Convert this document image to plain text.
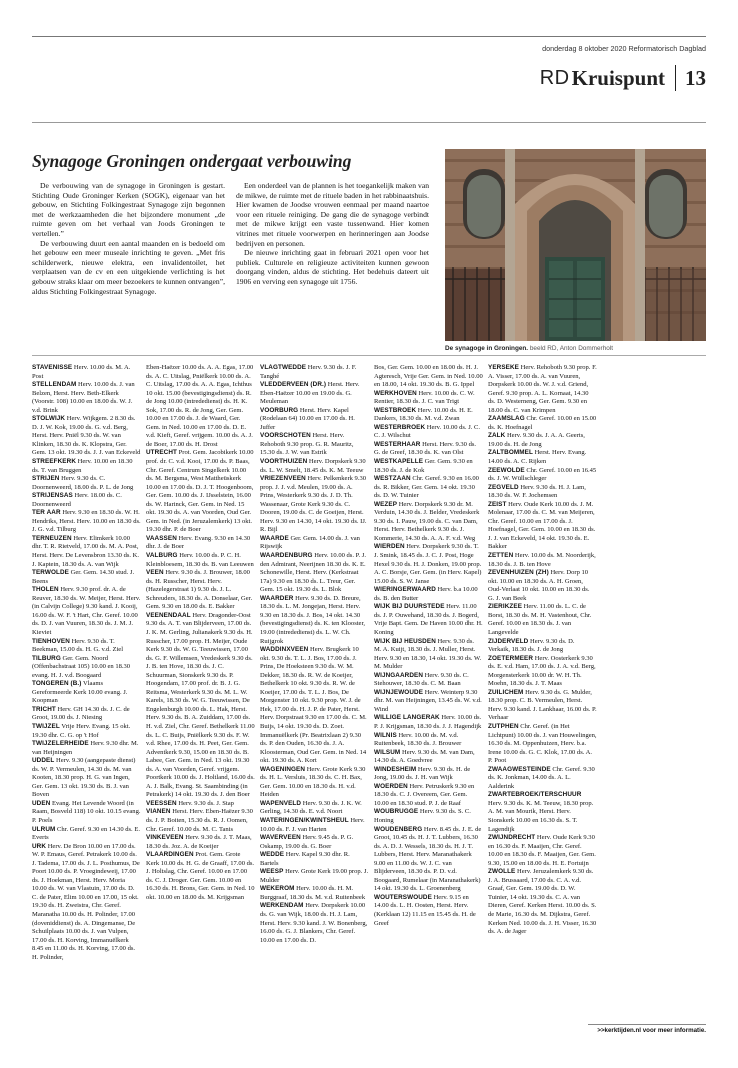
donderdag 8 oktober 2020 Reformatorisch Dagblad
RD Kruispunt 13
Synagoge Groningen ondergaat verbouwing

De verbouwing van de synagoge in Groningen is gestart. Stichting Oude Groninger Kerken (SOGK), eigenaar van het gebouw, en Stichting Folkingestraat Synagoge zijn begonnen met de werkzaamheden die het bijzondere monument „de ruimte geven om het verhaal van Joods Groningen te vertellen.”

De verbouwing duurt een aantal maanden en is bedoeld om het gebouw een meer museale inrichting te geven. „Met fris schilderwerk, nieuwe elektra, een invalidentoilet, het verplaatsen van de cv en een uitgekiende verlichting is het gebouw straks klaar om meer bezoekers te kunnen ontvangen”, aldus Stichting Folkingestraat Synagoge.

Een onderdeel van de plannen is het toegankelijk maken van de mikwe, de ruimte met de rituele baden in het rabbinaatshuis. Hier kwamen de Joodse vrouwen eenmaal per maand naartoe voor een rituele reiniging. De gang die de synagoge verbindt met de mikwe krijgt een vaste tussenwand. Hier komen vitrines met rituele voorwerpen en herinneringen aan Joodse bedrijven en personen.

De nieuwe inrichting gaat in februari 2021 open voor het publiek. Culturele en religieuze activiteiten kunnen gewoon doorgang vinden, aldus de stichting. Het bedehuis dateert uit 1906 en verving een synagoge uit 1756.

De synagoge in Groningen. beeld RD, Anton Dommerholt

STAVENISSE Herv. 10.00 ds. M. A. Post

STELLENDAM Herv. 10.00 ds. J. van Belzen, Herst. Herv. Beth-Elkerk (Voorstr. 108) 10.00 en 18.00 ds. W. J. v.d. Brink

STOLWIJK Herv. Wijkgem. 2 8.30 ds. D. J. W. Kok, 19.00 ds. G. v.d. Berg, Herst. Herv. Pniël 9.30 ds. W. van Klinken, 18.30 ds. K. Klopstra, Ger. Gem. 13 okt. 19.30 ds. J. J. van Eckeveld

STREEFKERK Herv. 10.00 en 18.30 ds. T. van Bruggen

STRIJEN Herv. 9.30 ds. C. Doornenweerd, 18.00 ds. P. L. de Jong

STRIJENSAS Herv. 18.00 ds. C. Doornenweerd

TER AAR Herv. 9.30 en 18.30 ds. W. H. Hendriks, Herst. Herv. 10.00 en 18.30 ds. J. G. v.d. Tilburg

TERNEUZEN Herv. Elimkerk 10.00 dhr. T. R. Rietveld, 17.00 ds. M. A. Post, Herst. Herv. De Levensbron 13.30 ds. K. J. Kaptein, 18.30 ds. A. van Wijk

TERWOLDE Ger. Gem. 14.30 stud. J. Beens

THOLEN Herv. 9.30 prof. dr. A. de Reuver, 18.30 ds. W. Meijer, Herst. Herv. (in Calvijn College) 9.30 kand. J. Kooij, 16.00 ds. W. F. 't Hart, Chr. Geref. 10.00 ds. D. J. van Vuuren, 18.30 ds. J. M. J. Kieviet

TIENHOVEN Herv. 9.30 ds. T. Beekman, 15.00 ds. H. G. v.d. Ziel

TILBURG Ger. Gem. Noord (Offenbachstraat 105) 10.00 en 18.30 evang. H. J. v.d. Boogaard

TONGEREN (B.) Vlaams Gereformeerde Kerk 10.00 evang. J. Koopman

TRICHT Herv. GH 14.30 ds. J. C. de Groot, 19.00 ds. J. Niesing

TWIJZEL Vrije Herv. Evang. 15 okt. 19.30 dhr. C. G. op 't Hof

TWIJZELERHEIDE Herv. 9.30 dhr. M. van Heijningen

UDDEL Herv. 9.30 (aangepaste dienst) ds. W. P. Vermeulen, 14.30 ds. M. van Kooten, 18.30 prop. H. G. van Ingen, Ger. Gem. 13 okt. 19.30 ds. B. J. van Boven

UDEN Evang. Het Levende Woord (in Raam, Bosveld 118) 10 okt. 10.15 evang. P. Poels

ULRUM Chr. Geref. 9.30 en 14.30 ds. E. Everts

URK Herv. De Bron 10.00 en 17.00 ds. W. P. Emaus, Geref. Petrakerk 10.00 ds. J. Tadema, 17.00 ds. J. L. Posthumus, De Poort 10.00 ds. P. Vroegindeweij, 17.00 ds. J. Hoekman, Herst. Herv. Moria 10.00 ds. W. van Vlastuin, 17.00 ds. D. C. de Pater, Elim 10.00 en 17.00, 15 okt. 19.30 ds. H. Zweistra, Chr. Geref. Maranatha 10.00 ds. H. Polinder, 17.00 (doveniddienst) ds. A. Dingemanse, De Schuilplaats 10.00 ds. J. van Vulpen, 17.00 ds. H. Korving, Immanuëlkerk 8.45 en 11.00 ds. H. Korving, 17.00 ds. H. Polinder,

Eben-Haëzer 10.00 ds. A. A. Egas, 17.00 ds. A. C. Uitslag, Pniëlkerk 10.00 ds. A. C. Uitslag, 17.00 ds. A. A. Egas, Ichthus 10 okt. 15.00 (bevestigingsdienst) ds. R. de Jong 10.00 (intrededienst) ds. H. K. Sok, 17.00 ds. R. de Jong, Ger. Gem. 10.00 en 17.00 ds. J. de Waard, Ger. Gem. in Ned. 10.00 en 17.00 ds. D. E. v.d. Kieft, Geref. vrijgem. 10.00 ds. A. J. de Boer, 17.00 ds. H. Drost

UTRECHT Prot. Gem. Jacobikerk 10.00 prof. dr. C. v.d. Kooi, 17.00 ds. P. Baas, Chr. Geref. Centrum Singelkerk 10.00 ds. M. Bergsma, West Mattheüskerk 10.00 en 17.00 ds. D. J. T. Hoogenboom, Ger. Gem. 10.00 ds. J. IJsselstein, 16.00 ds. W. Harinck, Ger. Gem. in Ned. 15 okt. 19.30 ds. A. van Voorden, Oud Ger. Gem. in Ned. (in Jeruzalemkerk) 13 okt. 19.30 dhr. P. de Boer

VAASSEN Herv. Evang. 9.30 en 14.30 dhr. J. de Boer

VALBURG Herv. 10.00 ds. P. C. H. Kleinbloesem, 18.30 ds. B. van Leeuwen

VEEN Herv. 9.30 ds. J. Brouwer, 18.00 ds. H. Russcher, Herst. Herv. (Hazelegerstraat 1) 9.30 ds. J. L. Schreuders, 18.30 ds. A. Donselaar, Ger. Gem. 9.30 en 18.00 ds. E. Bakker

VEENENDAAL Herv. Dragonder-Oost 9.30 ds. A. T. van Blijderveen, 17.00 ds. J. K. M. Gerling, Julianakerk 9.30 ds. H. Russcher, 17.00 prop. H. Meijer, Oude Kerk 9.30 ds. W. G. Teeuwissen, 17.00 ds. G. F. Willemsen, Vredeskerk 9.30 ds. J. B. ten Hove, 18.30 ds. J. C. Schuurman, Sionskerk 9.30 ds. P. Hoogendam, 17.00 prof. dr. B. J. G. Reitsma, Westerkerk 9.30 ds. M. L. W. Karels, 18.30 ds. W. G. Teeuwissen, De Engelenburgh 10.00 ds. L. Hak, Herst. Herv. 9.30 ds. B. A. Zuiddam, 17.00 ds. H. v.d. Ziel, Chr. Geref. Bethelkerk 11.00 ds. L. C. Buijs, Pniëlkerk 9.30 ds. F. W. v.d. Rhee, 17.00 ds. H. Peet, Ger. Gem. Adventkerk 9.30, 15.00 en 18.30 ds. B. Labee, Ger. Gem. in Ned. 13 okt. 19.30 ds. A. van Voorden, Geref. vrijgem. Poortkerk 10.00 ds. J. Holtland, 16.00 ds. A. J. Balk, Evang. St. Saambinding (in Petrakerk) 14 okt. 19.30 ds. J. den Boer

VEESSEN Herv. 9.30 ds. J. Stap

VIANEN Herst. Herv. Eben-Haëzer 9.30 ds. J. P. Boiten, 15.30 ds. R. J. Oomen, Chr. Geref. 10.00 ds. M. C. Tanis

VINKEVEEN Herv. 9.30 ds. J. T. Maas, 18.30 ds. Joz. A. de Koeijer

VLAARDINGEN Prot. Gem. Grote Kerk 10.00 ds. H. G. de Graaff, 17.00 ds. J. Holtslag, Chr. Geref. 10.00 en 17.00 ds. C. J. Droger. Ger. Gem. 10.00 en 16.30 ds. H. Brons, Ger. Gem. in Ned. 10 okt. 10.00 en 18.00 ds. M. Krijgsman

VLAGTWEDDE Herv. 9.30 ds. J. F. Tanghé

VLEDDERVEEN (DR.) Herst. Herv. Eben-Haëzer 10.00 en 19.00 ds. G. Meuleman

VOORBURG Herst. Herv. Kapel (Rodelaan 64) 10.00 en 17.00 ds. H. Juffer

VOORSCHOTEN Herst. Herv. Rehoboth 9.30 prop. G. R. Mauritz, 15.30 ds. J. W. van Estrik

VOORTHUIZEN Herv. Dorpskerk 9.30 ds. L. W. Smelt, 18.45 ds. K. M. Teeuw

VRIEZENVEEN Herv. Pelkenkerk 9.30 prop. J. J. v.d. Meulen, 19.00 ds. A. Prins, Westerkerk 9.30 ds. J. D. Th. Wassenaar, Grote Kerk 9.30 ds. C. Dooren, 19.00 ds. C. de Goeijen, Herst. Herv. 9.30 en 14.30, 14 okt. 19.30 ds. IJ. R. Bijl

WAARDE Ger. Gem. 14.00 ds. J. van Rijswijk

WAARDENBURG Herv. 10.00 ds. P. J. den Admirant, Neerijnen 18.30 ds. K. E. Schonewille, Herst. Herv. (Kerkstraat 17a) 9.30 en 18.30 ds. L. Treur, Ger. Gem. 15 okt. 19.30 ds. L. Blok

WAARDER Herv. 9.30 ds. D. Breure, 18.30 ds. L. M. Jongejan, Herst. Herv. 9.30 en 18.30 ds. J. Bos, 14 okt. 14.30 (bevestigingsdienst) ds. K. ten Klooster, 19.00 (intrededienst) ds. L. W. Ch. Ruijgrok

WADDINXVEEN Herv. Brugkerk 10 okt. 9.30 ds. T. L. J. Bos, 17.00 ds. J. Prins, De Hoeksteen 9.30 ds. W. M. Dekker, 18.30 ds. R. W. de Koeijer, Bethelkerk 10 okt. 9.30 ds. R. W. de Koeijer, 17.00 ds. T. L. J. Bos, De Morgenster 10 okt. 9.30 prop. W. J. de Hek, 17.00 ds. H. J. P. de Pater, Herst. Herv. Dorpstraat 9.30 en 17.00 ds. C. M. Buijs, 14 okt. 19.30 ds. D. Zoet. Immanuëlkerk (Pr. Beatrixlaan 2) 9.30 ds. P. den Ouden, 16.30 ds. J. A. Kloosterman, Oud Ger. Gem. in Ned. 14 okt. 19.30 ds. A. Kort

WAGENINGEN Herv. Grote Kerk 9.30 ds. H. L. Versluis, 18.30 ds. C. H. Bax, Ger. Gem. 10.00 en 18.30 ds. H. v.d. Heiden

WAPENVELD Herv. 9.30 ds. J. K. W. Gerling, 14.30 ds. E. v.d. Noort

WATERINGEN/KWINTSHEUL Herv. 10.00 ds. F. J. van Harten

WAVERVEEN Herv. 9.45 ds. P. G. Oskamp, 19.00 ds. G. Boer

WEDDE Herv. Kapel 9.30 dhr. R. Bartels

WEESP Herv. Grote Kerk 19.00 prop. J. Mulder

WEKEROM Herv. 10.00 ds. H. M. Burggraaf, 18.30 ds. M. v.d. Ruitenbeek

WERKENDAM Herv. Dorpskerk 10.00 ds. G. van Wijk, 18.00 ds. H. J. Lam, Herst. Herv. 9.30 kand. J. W. Bonenberg, 16.00 ds. G. J. Blankers, Chr. Geref. 10.00 en 17.00 ds. D.

Bos, Ger. Gem. 10.00 en 18.00 ds. H. J. Agteresch, Vrije Ger. Gem. in Ned. 10.00 en 18.00, 14 okt. 19.30 ds. B. G. Ippel

WERKHOVEN Herv. 10.00 ds. C. W. Rentier, 18.30 ds. J. C. van Trigt

WESTBROEK Herv. 10.00 ds. H. E. Dankers, 18.30 ds. M. v.d. Zwan

WESTERBROEK Herv. 10.00 ds. J. C. C. J. Wilschut

WESTERHAAR Herst. Herv. 9.30 ds. G. de Greef, 18.30 ds. K. van Olst

WESTKAPELLE Ger. Gem. 9.30 en 18.30 ds. J. de Kok

WESTZAAN Chr. Geref. 9.30 en 16.00 ds. R. Bikker, Ger. Gem. 14 okt. 19.30 ds. D. W. Tuinier

WEZEP Herv. Dorpskerk 9.30 dr. M. Verduin, 14.30 ds. J. Belder, Vredeskerk 9.30 ds. I. Pauw, 19.00 ds. C. van Dam, Herst. Herv. Bethelkerk 9.30 ds. J. Kommerie, 14.30 ds. A. A. F. v.d. Weg

WIERDEN Herv. Dorpskerk 9.30 ds. T. J. Smink, 18.45 ds. J. C. J. Post, Hoge Hexel 9.30 ds. H. J. Donken, 19.00 prop. A. C. Borsje, Ger. Gem. (in Herv. Kapel) 15.00 ds. S. W. Janse

WIERINGERWAARD Herv. b.a 10.00 ds. B. den Butter

WIJK BIJ DUURSTEDE Herv. 11.00 ds. J. P. Ouwehand, 18.30 ds. J. Bogerd, Vrije Bapt. Gem. De Haven 10.00 dhr. H. Koning

WIJK BIJ HEUSDEN Herv. 9.30 ds. M. A. Kuijt, 18.30 ds. J. Muller, Herst. Herv. 9.30 en 18.30, 14 okt. 19.30 ds. W. M. Mulder

WIJNGAARDEN Herv. 9.30 ds. C. Stehouwer, 18.30 ds. C. M. Baan

WIJNJEWOUDE Herv. Weinterp 9.30 dhr. M. van Heijningen, 13.45 ds. W. v.d. Wind

WILLIGE LANGERAK Herv. 10.00 ds. P. J. Krijgsman, 18.30 ds. J. J. Hagendijk

WILNIS Herv. 10.00 ds. M. v.d. Ruitenbeek, 18.30 ds. J. Brouwer

WILSUM Herv. 9.30 ds. M. van Dam, 14.30 ds. A. Goedvree

WINDESHEIM Herv. 9.30 ds. H. de Jong, 19.00 ds. J. H. van Wijk

WOERDEN Herv. Petruskerk 9.30 en 18.30 ds. C. J. Overeem, Ger. Gem. 10.00 en 18.30 stud. P. J. de Raaf

WOUBRUGGE Herv. 9.30 ds. S. C. Honing

WOUDENBERG Herv. 8.45 ds. J. E. de Groot, 10.45 ds. H. J. T. Lubbers, 16.30 ds. A. D. J. Wessels, 18.30 ds. H. J. T. Lubbers, Herst. Herv. Maranathakerk 9.00 en 11.00 ds. W. J. C. van Blijderveen, 18.30 ds. P. D. v.d. Boogaard, Rumelaar (in Maranathakerk) 14 okt. 19.30 ds. L. Groenenberg

WOUTERSWOUDE Herv. 9.15 en 14.00 ds. L. H. Oosten, Herst. Herv. (Kerklaan 12) 11.15 en 15.45 ds. H. de Greef

YERSEKE Herv. Rehoboth 9.30 prop. F. A. Visser, 17.00 ds. A. van Vuuren, Dorpskerk 10.00 ds. W. J. v.d. Griend, Geref. 9.30 prop. A. L. Kornaat, 14.30 ds. D. Westerneng, Ger. Gem. 9.30 en 18.00 ds. C. van Krimpen

ZAAMSLAG Chr. Geref. 10.00 en 15.00 ds. K. Hoefnagel

ZALK Herv. 9.30 ds. J. A. A. Geerts, 19.00 ds. H. de Jong

ZALTBOMMEL Herst. Herv. Evang. 14.00 ds. A. C. Rijken

ZEEWOLDE Chr. Geref. 10.00 en 16.45 ds. J. W. Wüllschleger

ZEGVELD Herv. 9.30 ds. H. J. Lam, 18.30 ds. W. F. Jochemsen

ZEIST Herv. Oude Kerk 10.00 ds. J. M. Molenaar, 17.00 ds. C. M. van Meijeren, Chr. Geref. 10.00 en 17.00 ds. J. Hoefnagel, Ger. Gem. 10.00 en 18.30 ds. J. J. van Eckeveld, 14 okt. 19.30 ds. E. Bakker

ZETTEN Herv. 10.00 ds. M. Noorderijk, 18.30 ds. J. B. ten Hove

ZEVENHUIZEN (ZH) Herv. Dorp 10 okt. 10.00 en 18.30 ds. A. H. Groen, Oud-Verlaat 10 okt. 10.00 en 18.30 ds. G. J. van Beek

ZIERIKZEE Herv. 11.00 ds. L. C. de Borst, 18.30 ds. M. H. Vastenhout, Chr. Geref. 10.00 en 18.30 ds. J. van Langevelde

ZIJDERVELD Herv. 9.30 ds. D. Verkaik, 18.30 ds. J. de Jong

ZOETERMEER Herv. Oosterkerk 9.30 ds. E. v.d. Ham, 17.00 ds. J. A. v.d. Berg, Morgensterkerk 10.00 dr. W. H. Th. Moehn, 18.30 ds. J. T. Maas

ZUILICHEM Herv. 9.30 ds. G. Mulder, 18.30 prop. C. B. Vermeulen, Herst. Herv. 9.30 kand. J. Lankhaar, 16.00 ds. P. Verhaar

ZUTPHEN Chr. Geref. (in Het Lichtpunt) 10.00 ds. J. van Houwelingen, 16.30 ds. M. Oppenhuizen, Herv. b.a. Irene 10.00 ds. G. C. Klok, 17.00 ds. A. P. Poot

ZWAAGWESTEINDE Chr. Geref. 9.30 ds. K. Jonkman, 14.00 ds. A. L. Aalderink

ZWARTEBROEK/TERSCHUUR Herv. 9.30 ds. K. M. Teeuw, 18.30 prop. A. M. van Mourik, Herst. Herv. Sionskerk 10.00 en 16.30 ds. S. T. Lagendijk

ZWIJNDRECHT Herv. Oude Kerk 9.30 en 16.30 ds. F. Maaijen, Chr. Geref. 10.00 en 18.30 ds. F. Maaijen, Ger. Gem. 9.30, 15.00 en 18.00 ds. H. E. Fortuijn

ZWOLLE Herv. Jeruzalemkerk 9.30 ds. J. A. Brussaard, 17.00 ds. C. A. v.d. Graaf, Ger. Gem. 19.00 ds. D. W. Tuinier, 14 okt. 19.30 ds. C. A. van Dieren, Geref. Kerken Herst. 10.00 ds. S. de Marie, 16.30 ds. M. Dijkstra, Geref. Kerken Ned. 10.00 ds. J. H. Visser, 16.30 ds. A. de Jager

>>kerktijden.nl voor meer informatie.
